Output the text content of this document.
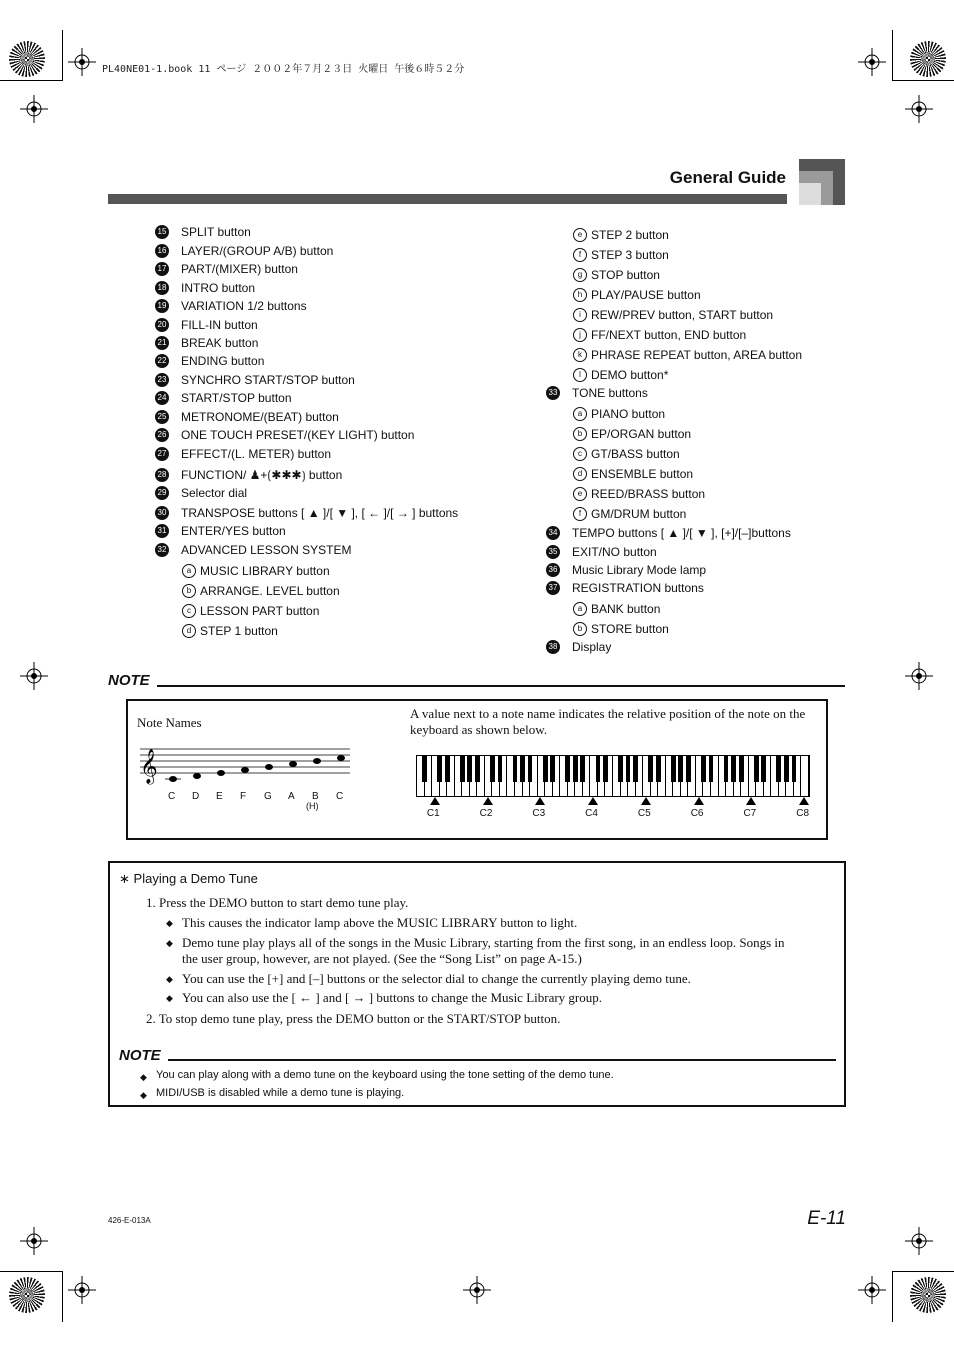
PL40NE01-1.book 11 ページ ２００２年７月２３日 火曜日 午後６時５２分
General Guide
15 SPLIT button
16 LAYER/(GROUP A/B) button
17 PART/(MIXER) button
18 INTRO button
19 VARIATION 1/2 buttons
20 FILL-IN button
21 BREAK button
22 ENDING button
23 SYNCHRO START/STOP button
24 START/STOP button
25 METRONOME/(BEAT) button
26 ONE TOUCH PRESET/(KEY LIGHT) button
27 EFFECT/(L. METER) button
28 FUNCTION/ ♟+⟮✱✱✱⟯ button
29 Selector dial
30 TRANSPOSE buttons [ ▲ ]/[ ▼ ], [ ← ]/[ → ] buttons
31 ENTER/YES button
32 ADVANCED LESSON SYSTEM
a MUSIC LIBRARY button
b ARRANGE. LEVEL button
c LESSON PART button
d STEP 1 button
e STEP 2 button
f STEP 3 button
g STOP button
h PLAY/PAUSE button
i REW/PREV button, START button
j FF/NEXT button, END button
k PHRASE REPEAT button, AREA button
l DEMO button*
33 TONE buttons
a PIANO button
b EP/ORGAN button
c GT/BASS button
d ENSEMBLE button
e REED/BRASS button
f GM/DRUM button
34 TEMPO buttons [ ▲ ]/[ ▼ ], [+]/[–]buttons
35 EXIT/NO button
36 Music Library Mode lamp
37 REGISTRATION buttons
a BANK button
b STORE button
38 Display
NOTE
Note Names
𝄞
C D E F G A B C
(H)
A value next to a note name indicates the relative position of the note on the keyboard as shown below.
C1	C2	C3	C4	C5	C6	C7	C8
∗ Playing a Demo Tune
1. Press the DEMO button to start demo tune play.
◆ This causes the indicator lamp above the MUSIC LIBRARY button to light.
◆ Demo tune play plays all of the songs in the Music Library, starting from the first song, in an endless loop. Songs in
the user group, however, are not played. (See the “Song List” on page A-15.)
◆ You can use the [+] and [–] buttons or the selector dial to change the currently playing demo tune.
◆ You can also use the [ ← ] and [ → ] buttons to change the Music Library group.
2. To stop demo tune play, press the DEMO button or the START/STOP button.
NOTE
◆ You can play along with a demo tune on the keyboard using the tone setting of the demo tune.
◆ MIDI/USB is disabled while a demo tune is playing.
426-E-013A	E-11
